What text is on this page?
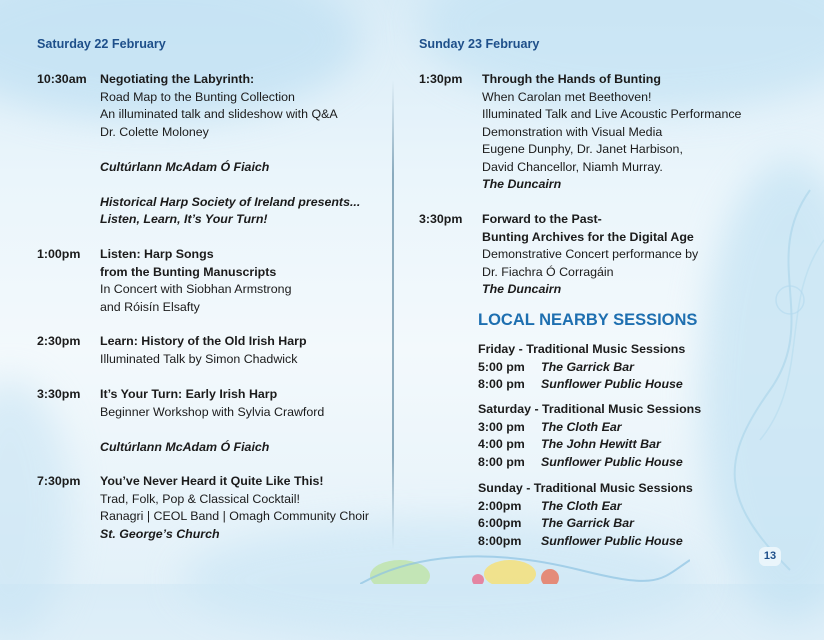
Saturday 22 February	Sunday 23 February
10:30am Negotiating the Labyrinth:
Road Map to the Bunting Collection
An illuminated talk and slideshow with Q&A
Dr. Colette Moloney
Cultúrlann McAdam Ó Fiaich
Historical Harp Society of Ireland presents...
Listen, Learn, It’s Your Turn!
1:00pm Listen: Harp Songs
from the Bunting Manuscripts
In Concert with Siobhan Armstrong
and Róisín Elsafty
2:30pm Learn: History of the Old Irish Harp
Illuminated Talk by Simon Chadwick
3:30pm It’s Your Turn: Early Irish Harp
Beginner Workshop with Sylvia Crawford
Cultúrlann McAdam Ó Fiaich
7:30pm You’ve Never Heard it Quite Like This!
Trad, Folk, Pop & Classical Cocktail!
Ranagri | CEOL Band | Omagh Community Choir
St. George’s Church
1:30pm Through the Hands of Bunting
When Carolan met Beethoven!
Illuminated Talk and Live Acoustic Performance
Demonstration with Visual Media
Eugene Dunphy, Dr. Janet Harbison,
David Chancellor, Niamh Murray.
The Duncairn
3:30pm Forward to the Past-
Bunting Archives for the Digital Age
Demonstrative Concert performance by
Dr. Fiachra Ó Corragáin
The Duncairn
LOCAL NEARBY SESSIONS
Friday - Traditional Music Sessions
5:00 pm The Garrick Bar
8:00 pm Sunflower Public House
Saturday - Traditional Music Sessions
3:00 pm The Cloth Ear
4:00 pm The John Hewitt Bar
8:00 pm Sunflower Public House
Sunday - Traditional Music Sessions
2:00pm The Cloth Ear
6:00pm The Garrick Bar
8:00pm Sunflower Public House
13
